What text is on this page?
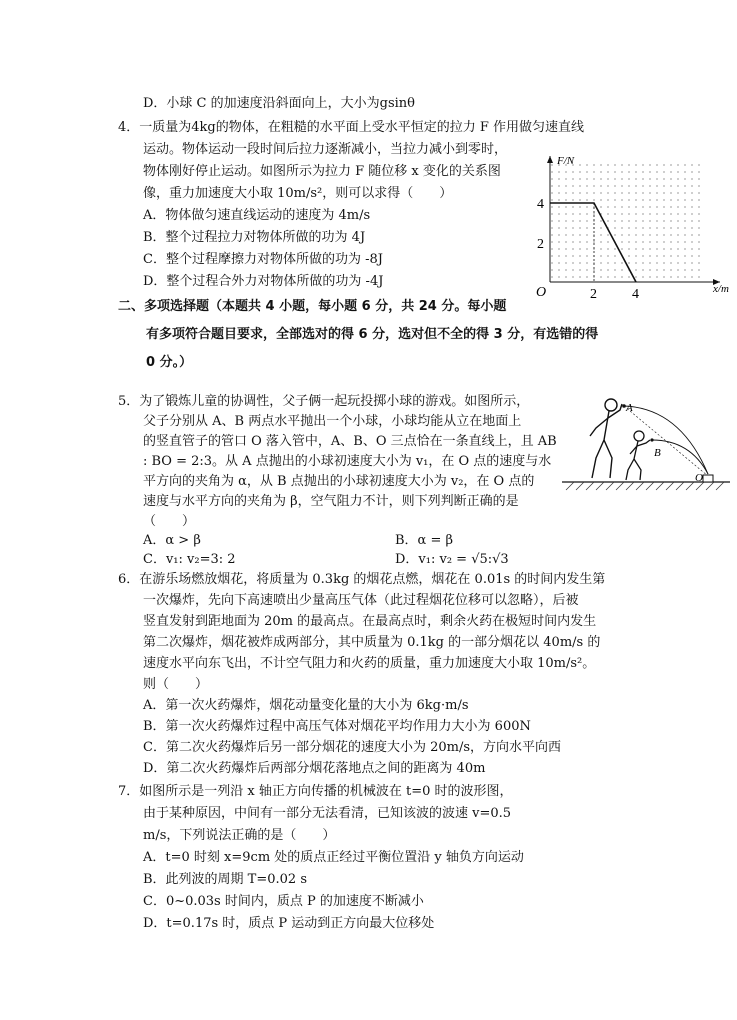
D．小球 C 的加速度沿斜面向上，大小为gsinθ
4．一质量为4kg的物体，在粗糙的水平面上受水平恒定的拉力 F 作用做匀速直线
运动。物体运动一段时间后拉力逐渐减小，当拉力减小到零时，
物体刚好停止运动。如图所示为拉力 F 随位移 x 变化的关系图
像，重力加速度大小取 10m/s²，则可以求得（　　）
A．物体做匀速直线运动的速度为 4m/s
B．整个过程拉力对物体所做的功为 4J
C．整个过程摩擦力对物体所做的功为 -8J
D．整个过程合外力对物体所做的功为 -4J
F/N
x/m
4
2
2	4
O
二、多项选择题（本题共 4 小题，每小题 6 分，共 24 分。每小题
有多项符合题目要求，全部选对的得 6 分，选对但不全的得 3 分，有选错的得
0 分。）
5．为了锻炼儿童的协调性，父子俩一起玩投掷小球的游戏。如图所示，
父子分别从 A、B 两点水平抛出一个小球，小球均能从立在地面上
的竖直管子的管口 O 落入管中，A、B、O 三点恰在一条直线上，且 AB
: BO = 2:3。从 A 点抛出的小球初速度大小为 v₁，在 O 点的速度与水
平方向的夹角为 α，从 B 点抛出的小球初速度大小为 v₂，在 O 点的
速度与水平方向的夹角为 β，空气阻力不计，则下列判断正确的是
（　　）
A．α > β	B．α = β
C．v₁: v₂=3: 2	D．v₁: v₂ = √5:√3
A
B
O
6．在游乐场燃放烟花，将质量为 0.3kg 的烟花点燃，烟花在 0.01s 的时间内发生第
一次爆炸，先向下高速喷出少量高压气体（此过程烟花位移可以忽略），后被
竖直发射到距地面为 20m 的最高点。在最高点时，剩余火药在极短时间内发生
第二次爆炸，烟花被炸成两部分，其中质量为 0.1kg 的一部分烟花以 40m/s 的
速度水平向东飞出，不计空气阻力和火药的质量，重力加速度大小取 10m/s²。
则（　　）
A．第一次火药爆炸，烟花动量变化量的大小为 6kg·m/s
B．第一次火药爆炸过程中高压气体对烟花平均作用力大小为 600N
C．第二次火药爆炸后另一部分烟花的速度大小为 20m/s，方向水平向西
D．第二次火药爆炸后两部分烟花落地点之间的距离为 40m
7．如图所示是一列沿 x 轴正方向传播的机械波在 t=0 时的波形图，
由于某种原因，中间有一部分无法看清，已知该波的波速 v=0.5
m/s，下列说法正确的是（　　）
A．t=0 时刻 x=9cm 处的质点正经过平衡位置沿 y 轴负方向运动
B．此列波的周期 T=0.02 s
C．0~0.03s 时间内，质点 P 的加速度不断减小
D．t=0.17s 时，质点 P 运动到正方向最大位移处
